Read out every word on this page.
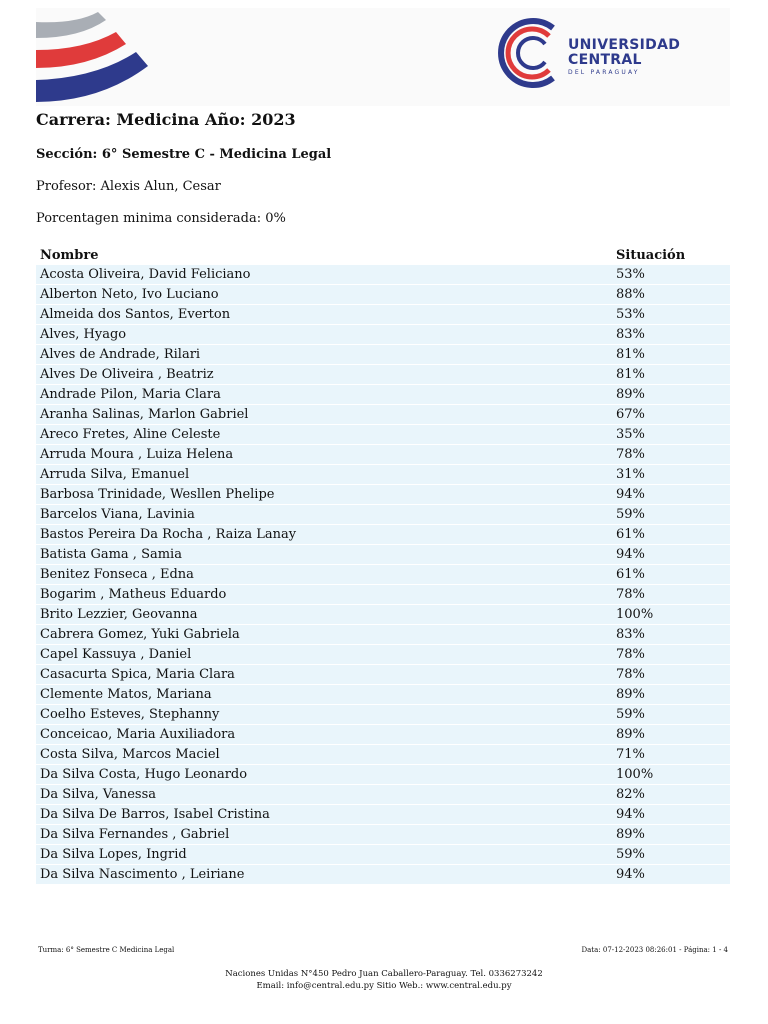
UNIVERSIDAD
CENTRAL
DEL PARAGUAY
Carrera: Medicina Año: 2023
Sección: 6° Semestre C - Medicina Legal
Profesor: Alexis Alun, Cesar
Porcentagen minima considerada: 0%
Nombre	Situación
Acosta Oliveira, David Feliciano	53%
Alberton Neto, Ivo Luciano	88%
Almeida dos Santos, Everton	53%
Alves, Hyago	83%
Alves de Andrade, Rilari	81%
Alves De Oliveira , Beatriz	81%
Andrade Pilon, Maria Clara	89%
Aranha Salinas, Marlon Gabriel	67%
Areco Fretes, Aline Celeste	35%
Arruda Moura , Luiza Helena	78%
Arruda Silva, Emanuel	31%
Barbosa Trinidade, Wesllen Phelipe	94%
Barcelos Viana, Lavinia	59%
Bastos Pereira Da Rocha , Raiza Lanay	61%
Batista Gama , Samia	94%
Benitez Fonseca , Edna	61%
Bogarim , Matheus Eduardo	78%
Brito Lezzier, Geovanna	100%
Cabrera Gomez, Yuki Gabriela	83%
Capel Kassuya , Daniel	78%
Casacurta Spica, Maria Clara	78%
Clemente Matos, Mariana	89%
Coelho Esteves, Stephanny	59%
Conceicao, Maria Auxiliadora	89%
Costa Silva, Marcos Maciel	71%
Da Silva Costa, Hugo Leonardo	100%
Da Silva, Vanessa	82%
Da Silva De Barros, Isabel Cristina	94%
Da Silva Fernandes , Gabriel	89%
Da Silva Lopes, Ingrid	59%
Da Silva Nascimento , Leiriane	94%
Turma: 6° Semestre C Medicina Legal	Data: 07-12-2023 08:26:01 - Página: 1 - 4
Naciones Unidas N°450 Pedro Juan Caballero-Paraguay. Tel. 0336273242
Email: info@central.edu.py Sitio Web.: www.central.edu.py
